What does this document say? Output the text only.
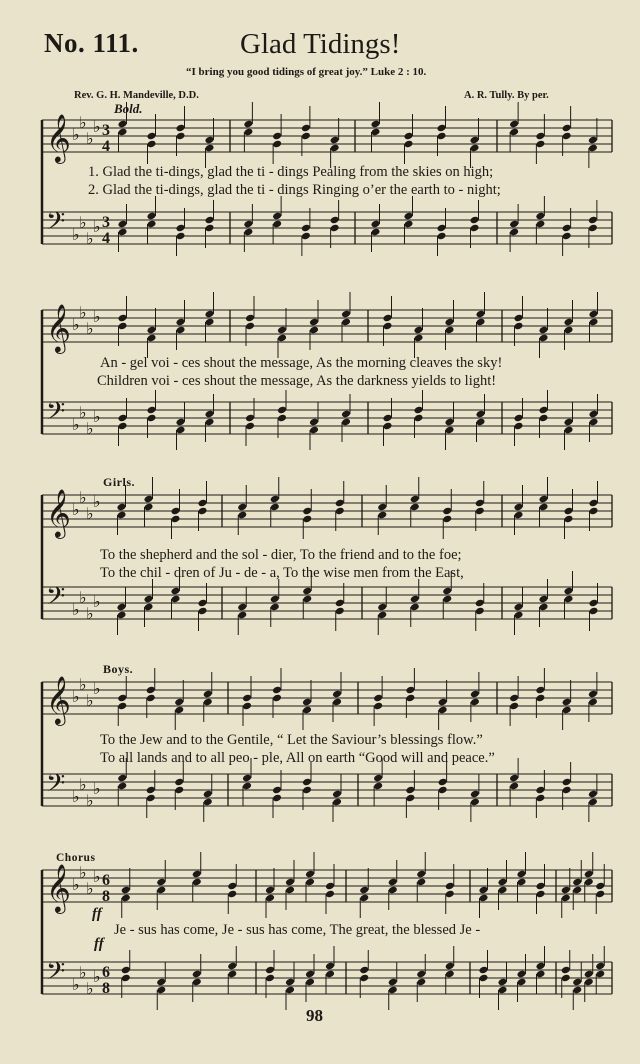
No. 111.	Glad Tidings!
“I bring you good tidings of great joy.” Luke 2 : 10.
Rev. G. H. Mandeville, D.D.	A. R. Tully. By per.
Bold.
𝄞 ♭
♭
♭
♭
𝄢 ♭
♭
♭
♭
3
4
3
4
1. Glad the ti-dings, glad the ti - dings Pealing from the skies on high;
2. Glad the ti-dings, glad the ti - dings Ringing o’er the earth to - night;
𝄞 ♭
♭
♭
♭
𝄢 ♭
♭
♭
♭
An - gel voi - ces shout the message, As the morning cleaves the sky!
Children voi - ces shout the message, As the darkness yields to light!
Girls.
𝄞 ♭
♭
♭
♭
𝄢 ♭
♭
♭
♭
To the shepherd and the sol - dier, To the friend and to the foe;
To the chil - dren of Ju - de - a, To the wise men from the East,
Boys.
𝄞 ♭
♭
♭
♭
𝄢 ♭
♭
♭
♭
To the Jew and to the Gentile, “ Let the Saviour’s blessings flow.”
To all lands and to all peo - ple, All on earth “Good will and peace.”
Chorus
𝄞 ♭
♭
♭
♭
𝄢 ♭
♭
♭
♭
6
8
6
8
ff
ff
Je - sus has come, Je - sus has come, The great, the blessed Je -
98
